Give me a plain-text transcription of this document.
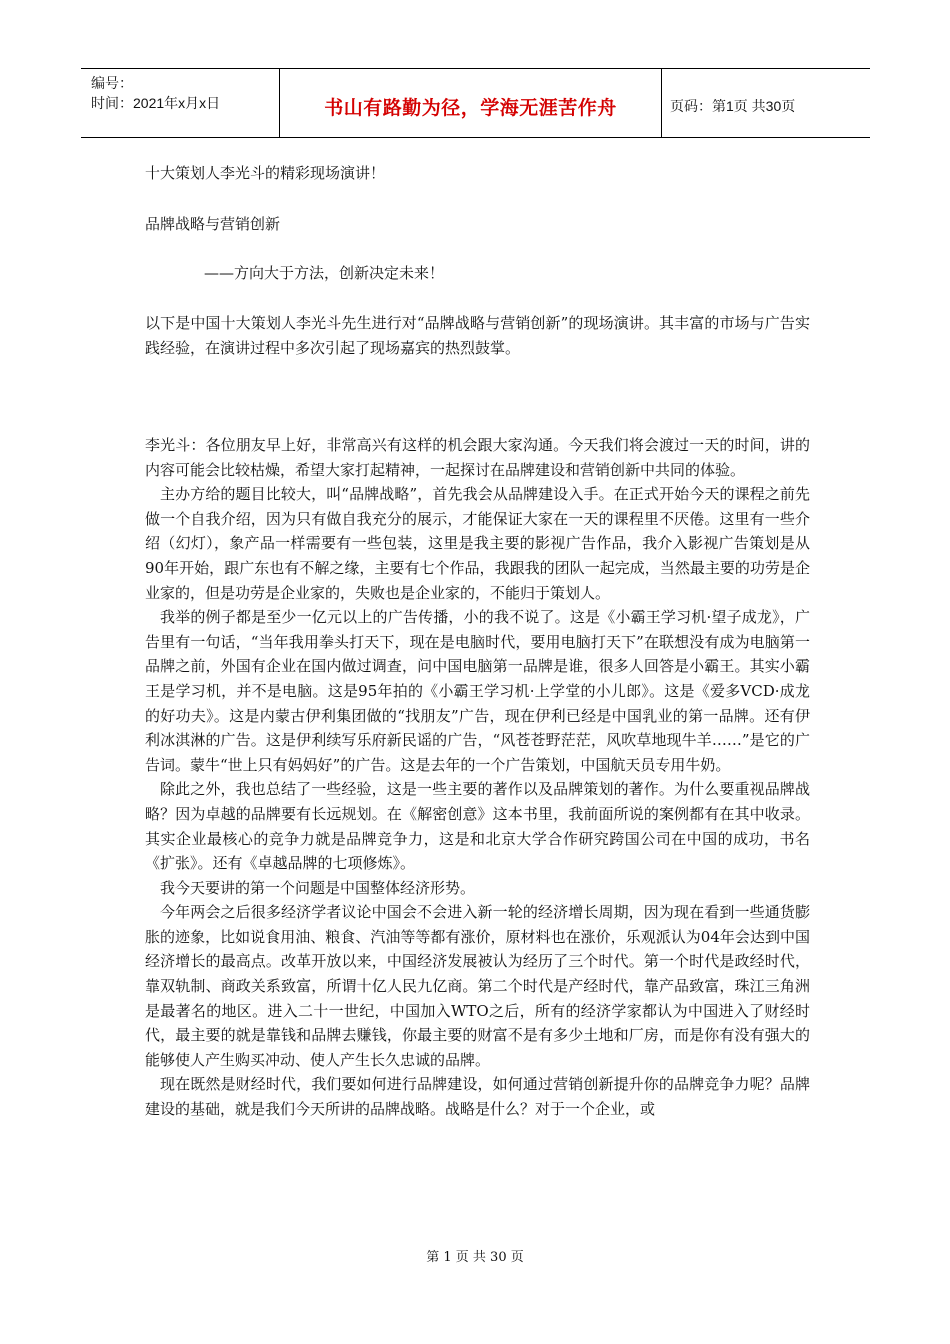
编号：
时间：2021年x月x日	书山有路勤为径，学海无涯苦作舟	页码：第1页 共30页

十大策划人李光斗的精彩现场演讲！

品牌战略与营销创新

——方向大于方法，创新决定未来！

以下是中国十大策划人李光斗先生进行对“品牌战略与营销创新”的现场演讲。其丰富的市场与广告实践经验，在演讲过程中多次引起了现场嘉宾的热烈鼓掌。

李光斗：各位朋友早上好，非常高兴有这样的机会跟大家沟通。今天我们将会渡过一天的时间，讲的内容可能会比较枯燥，希望大家打起精神，一起探讨在品牌建设和营销创新中共同的体验。

主办方给的题目比较大，叫“品牌战略”，首先我会从品牌建设入手。在正式开始今天的课程之前先做一个自我介绍，因为只有做自我充分的展示，才能保证大家在一天的课程里不厌倦。这里有一些介绍（幻灯），象产品一样需要有一些包装，这里是我主要的影视广告作品，我介入影视广告策划是从90年开始，跟广东也有不解之缘，主要有七个作品，我跟我的团队一起完成，当然最主要的功劳是企业家的，但是功劳是企业家的，失败也是企业家的，不能归于策划人。

我举的例子都是至少一亿元以上的广告传播，小的我不说了。这是《小霸王学习机·望子成龙》，广告里有一句话，“当年我用拳头打天下，现在是电脑时代，要用电脑打天下”在联想没有成为电脑第一品牌之前，外国有企业在国内做过调查，问中国电脑第一品牌是谁，很多人回答是小霸王。其实小霸王是学习机，并不是电脑。这是95年拍的《小霸王学习机·上学堂的小儿郎》。这是《爱多VCD·成龙的好功夫》。这是内蒙古伊利集团做的“找朋友”广告，现在伊利已经是中国乳业的第一品牌。还有伊利冰淇淋的广告。这是伊利续写乐府新民谣的广告，“风苍苍野茫茫，风吹草地现牛羊……”是它的广告词。蒙牛“世上只有妈妈好”的广告。这是去年的一个广告策划，中国航天员专用牛奶。

除此之外，我也总结了一些经验，这是一些主要的著作以及品牌策划的著作。为什么要重视品牌战略？因为卓越的品牌要有长远规划。在《解密创意》这本书里，我前面所说的案例都有在其中收录。其实企业最核心的竞争力就是品牌竞争力，这是和北京大学合作研究跨国公司在中国的成功，书名《扩张》。还有《卓越品牌的七项修炼》。

我今天要讲的第一个问题是中国整体经济形势。

今年两会之后很多经济学者议论中国会不会进入新一轮的经济增长周期，因为现在看到一些通货膨胀的迹象，比如说食用油、粮食、汽油等等都有涨价，原材料也在涨价，乐观派认为04年会达到中国经济增长的最高点。改革开放以来，中国经济发展被认为经历了三个时代。第一个时代是政经时代，靠双轨制、商政关系致富，所谓十亿人民九亿商。第二个时代是产经时代，靠产品致富，珠江三角洲是最著名的地区。进入二十一世纪，中国加入WTO之后，所有的经济学家都认为中国进入了财经时代，最主要的就是靠钱和品牌去赚钱，你最主要的财富不是有多少土地和厂房，而是你有没有强大的能够使人产生购买冲动、使人产生长久忠诚的品牌。

现在既然是财经时代，我们要如何进行品牌建设，如何通过营销创新提升你的品牌竞争力呢？品牌建设的基础，就是我们今天所讲的品牌战略。战略是什么？对于一个企业，或

第 1 页 共 30 页
